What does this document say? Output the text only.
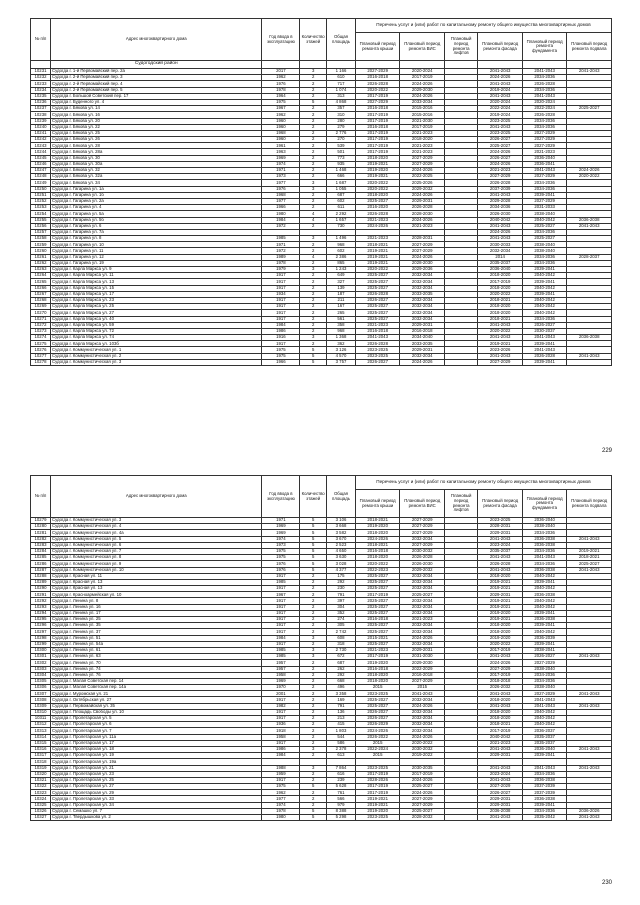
№ п/п	Адрес многоквартирного дома	Год ввода в эксплуатацию	Количество этажей	Общая площадь	Перечень услуг и (или) работ по капитальному ремонту общего имущества многоквартирных домов					
					Плановый период ремонта крыши	Плановый период ремонта ВИС	Плановый период ремонта лифтов	Плановый период ремонта фасада	Плановый период ремонта фундамента	Плановый период ремонта подвала
	Судогодский район									
10231	Судогда г. 1-й Первомайский пер. 2а	2017	3	1 166	2027-2029	2020-2024		2041-2043	2041-2043	2041-2043
10232	Судогда г. 2-й Первомайский пер. 3	1962	2	610	2016-2018	2017-2019		2024-2026	2034-2036	
10233	Судогда г. 2-й Первомайский пер. 4	1976	2	717	2026-2028	2024-2026		2041-2043	2026-2028	
10234	Судогда г. 2-й Первомайский пер. 5	1978	2	1 074	2020-2022	2029-2030		2019-2024	2034-2036	
10235	Судогда г. Большой Советский пер. 17	1964	2	313	2017-2019	2024-2026		2041-2043	2041-2043	
10236	Судогда г. Буденного ул. 4	1975	5	4 868	2027-2029	2033-2034		2020-2024	2020-2024	
10237	Судогда г. Бякова ул. 14	1967	2	357	2016-2018	2015-2016		2022-2024	2022-2024	2025-2027
10238	Судогда г. Бякова ул. 16	1962	2	310	2017-2019	2015-2016		2019-2024	2026-2028	
10239	Судогда г. Бякова ул. 20	1960	2	280	2017-2019	2021-2030		2023-2025	2034-2036	
10240	Судогда г. Бякова ул. 22	1960	2	279	2016-2018	2017-2019		2041-2043	2034-2036	
10241	Судогда г. Бякова ул. 25	1968	2	2 776	2017-2019	2021-2023		2023-2025	2027-2029	
10242	Судогда г. Бякова ул. 26	1960	2	270	2017-2019	2018-2020		2026-2027	2027-2029	
10243	Судогда г. Бякова ул. 28	1961	2	539	2017-2019	2021-2023		2025-2027	2027-2029	
10244	Судогда г. Бякова ул. 28а	1963	2	501	2017-2019	2021-2023		2024-2026	2021-2023	
10245	Судогда г. Бякова ул. 30	1969	2	773	2018-2020	2027-2029		2026-2027	2036-2040	
10246	Судогда г. Бякова ул. 30а	1974	2	935	2019-2021	2027-2029		2024-2026	2036-2041	
10247	Судогда г. Бякова ул. 32	1971	2	1 468	2019-2020	2024-2026		2021-2023	2041-2043	2024-2026
10248	Судогда г. Бякова ул. 32а	1973	2	666	2019-2021	2022-2025		2027-2029	2027-2029	2020-2022
10249	Судогда г. Бякова ул. 34	1977	3	1 687	2020-2022	2025-2026		2026-2028	2034-2036	
10250	Судогда г. Гагарина ул. 1а	1976	3	1 055	2020-2022	2029-2032		2037-2039	2034-2036	
10251	Судогда г. Гагарина ул. 1б	1968	2	687	2018-2020	2024-2026		2041-2043	2039-2041	
10252	Судогда г. Гагарина ул. 2а	1977	2	602	2025-2027	2029-2031		2029-2028	2027-2029	
10253	Судогда г. Гагарина ул. 4	1966	2	611	2016-2020	2026-2028		2034-2036	2031-2033	
10254	Судогда г. Гагарина ул. 5а	1980	4	2 292	2026-2028	2028-2030		2026-2030	2038-2040	
10255	Судогда г. Гагарина ул. 5б	1984	4	1 657	2021-2023	2024-2026		2040-2042	2040-2042	2036-2038
10256	Судогда г. Гагарина ул. 6	1972	2	730	2024-2026	2021-2023		2041-2043	2025-2027	2041-2043
10257	Судогда г. Гагарина ул. 7а							2024-2026	2034-2036	
10258	Судогда г. Гагарина ул. 8	1985	3	1 496	2021-2023	2028-2031		2041-2043	2025-2027	
10259	Судогда г. Гагарина ул. 10	1971	2	968	2018-2021	2027-2029		2030-2033	2038-2040	
10260	Судогда г. Гагарина ул. 11	1972	2	602	2019-2021	2027-2029		2032-2034	2038-2040	
10261	Судогда г. Гагарина ул. 12	1989	4	2 386	2019-2021	2024-2026		2014	2034-2036	2028-2037
10262	Судогда г. Гагарина ул. 19	1978	2	865	2019-2021	2028-2030		2035-2037	2034-2036	
10263	Судогда г. Карла Маркса ул. 9	1979	3	1 243	2020-2022	2029-2036		2036-2040	2039-2041	
10264	Судогда г. Карла Маркса ул. 11	1917	2	649	2025-2027	2032-2034		2018-2020	2040-2042	
10265	Судогда г. Карла Маркса ул. 13	1917	2	327	2025-2027	2032-2034		2017-2019	2039-2041	
10266	Судогда г. Карла Маркса ул. 15	1917	2	139	2025-2027	2032-2034		2018-2020	2040-2042	
10267	Судогда г. Карла Маркса ул. 17	1934	2	187	2026-2028	2033-2035		2020-2022	2039-2041	
10268	Судогда г. Карла Маркса ул. 23	1917	2	211	2026-2027	2032-2034		2018-2021	2040-2042	
10269	Судогда г. Карла Маркса ул. 25	1917	2	167	2025-2027	2032-2034		2018-2020	2040-2042	
10270	Судогда г. Карла Маркса ул. 27	1917	2	265	2025-2027	2032-2034		2018-2020	2040-2042	
10271	Судогда г. Карла Маркса ул. 40	1917	2	561	2025-2027	2032-2034		2018-2021	2034-2036	
10272	Судогда г. Карла Маркса ул. 59	1984	2	358	2021-2023	2029-2031		2041-2043	2026-2027	
10273	Судогда г. Карла Маркса ул. 72	1986	2	968	2016-2018	2016-2018		2020-2022	2030-2037	
10274	Судогда г. Карла Маркса ул. 74	1916	3	1 368	2041-2043	2034-2040		2041-2043	2041-2043	2036-2038
10275	Судогда г. Карла Маркса ул. 103б	1917	2	362	2026-2028	2033-2035		2019-2021	2039-2041	
10276	Судогда г. Коммунистическая ул. 1	1975	5	3 126	2023-2025	2029-2031		2023-2026	2041-2043	
10277	Судогда г. Коммунистическая ул. 2	1975	5	4 570	2023-2025	2032-2034		2041-2043	2026-2028	2041-2043
10278	Судогда г. Коммунистическая ул. 3	1966	5	3 757	2026-2027	2024-2026		2027-2029	2039-2041	
229
№ п/п	Адрес многоквартирного дома	Год ввода в эксплуатацию	Количество этажей	Общая площадь	Перечень услуг и (или) работ по капитальному ремонту общего имущества многоквартирных домов					
					Плановый период ремонта крыши	Плановый период ремонта ВИС	Плановый период ремонта лифтов	Плановый период ремонта фасада	Плановый период ремонта фундамента	Плановый период ремонта подвала
10279	Судогда г. Коммунистическая ул. 3	1971	5	3 106	2018-2021	2027-2029		2023-2025	2036-2040	
10280	Судогда г. Коммунистическая ул. 4	1969	5	3 668	2019-2020	2027-2029		2028-2031	2038-2040	
10281	Судогда г. Коммунистическая ул. 4а	1969	5	3 582	2018-2020	2027-2029		2029-2031	2034-2036	
10282	Судогда г. Коммунистическая ул. 5	1974	5	3 670	2024-2026	2032-2034		2041-2043	2036-2038	2041-2043
10283	Судогда г. Коммунистическая ул. 6	1973	5	2 523	2018-2021	2027-2029		2023-2024	2036-2038	
10284	Судогда г. Коммунистическая ул. 7	1975	5	4 650	2016-2018	2030-2032		2035-2037	2034-2036	2019-2021
10285	Судогда г. Коммунистическая ул. 8	1975	5	3 630	2018-2020	2026-2028		2041-2043	2041-2043	2018-2021
10286	Судогда г. Коммунистическая ул. 9	1976	5	3 028	2020-2022	2026-2030		2026-2028	2034-2036	2025-2027
10287	Судогда г. Коммунистическая ул. 10	1976	5	4 377	2022-2023	2029-2032		2041-2043	2036-2038	2041-2043
10288	Судогда г. Красная ул. 11	1917	2	175	2025-2027	2032-2034		2018-2020	2040-2042	
10289	Судогда г. Красная ул. 13	1985	2	292	2025-2027	2032-2034		2019-2021	2039-2041	
10290	Судогда г. Красная ул. 13	1917	2	230	2025-2027	2032-2034		2019-2021	2040-2042	
10291	Судогда г. Красноармейская ул. 10	1967	2	791	2017-2019	2025-2027		2029-2031	2036-2038	
10292	Судогда г. Ленина ул. 8	1917	2	397	2025-2027	2032-2034		2019-2021	2040-2042	
10293	Судогда г. Ленина ул. 16	1917	2	304	2025-2027	2032-2034		2019-2021	2040-2042	
10294	Судогда г. Ленина ул. 17	1917	2	352	2025-2027	2032-2034		2019-2020	2039-2041	
10295	Судогда г. Ленина ул. 25	1917	2	274	2016-2018	2021-2023		2019-2021	2036-2038	
10296	Судогда г. Ленина ул. 35	1917	2	305	2025-2027	2032-2034		2018-2020	2039-2041	
10297	Судогда г. Ленина ул. 37	1917	2	2 742	2025-2027	2032-2034		2018-2020	2040-2042	
10298	Судогда г. Ленина ул. 51	1984	3	608	2015-2021	2024-2026		2019-2020	2036-2039	
10299	Судогда г. Ленина ул. 54а	1917	2	318	2025-2027	2032-2034		2020-2022	2039-2041	
10300	Судогда г. Ленина ул. 61	1985	3	2 730	2021-2023	2029-2031		2017-2019	2038-2041	
10301	Судогда г. Ленина ул. 63	1985	3	672	2017-2019	2031-2030		2041-2043	2026-2027	2041-2043
10302	Судогда г. Ленина ул. 70	1957	2	687	2019-2020	2029-2030		2024-2026	2027-2029	
10303	Судогда г. Ленина ул. 74	1957	2	262	2016-2018	2022-2029		2027-2029	2038-2040	
10304	Судогда г. Ленина ул. 76	1958	2	292	2018-2020	2016-2018		2017-2019	2034-2036	
10305	Судогда г. Малая Советская пер. 14	1969	2	668	2018-2020	2027-2029		2018-2018	2034-2036	
10306	Судогда г. Малая Советская пер. 14а	1970	2	496	2015	2015		2026-2032	2038-2040	
10307	Судогда г. Муромская ул. 21	2001	2	3 358	2023-2025	2041-2043		2041-2043	2027-2029	2041-2043
10308	Судогда г. Октябрьская ул. 27	1917	2	169	2025-2027	2032-2034		2018-2020	2041-2043	
10309	Судогда г. Первомайская ул. 35	1982	2	791	2025-2027	2024-2026		2041-2043	2041-2043	2041-2043
10310	Судогда г. Площадь Свободы ул. 10	1917	2	136	2026-2027	2032-2034		2018-2020	2040-2042	
10311	Судогда г. Пролетарская ул. 5	1917	2	213	2026-2027	2032-2034		2018-2020	2040-2042	
10312	Судогда г. Пролетарская ул. 6	1936	2	415	2026-2029	2032-2034		2018-2021	2040-2042	
10313	Судогда г. Пролетарская ул. 7	1918	2	1 803	2024-2026	2032-2034		2017-2019	2036-2037	
10314	Судогда г. Пролетарская ул. 11а	1958	2	544	2026-2022	2024-2026		2040-2042	2035-2037	
10315	Судогда г. Пролетарская ул. 17	1917	2	586	2015	2020-2022		2021-2023	2035-2037	
10316	Судогда г. Пролетарская ул. 18	1986	3	2 378	2022-2024	2030-2032		2041-2043	2036-2040	2041-2043
10317	Судогда г. Пролетарская ул. 19	1984	2	613	2015	2019-2022		2029-2031	2039-2041	
10318	Судогда г. Пролетарская ул. 19а									
10319	Судогда г. Пролетарская ул. 21	1988	3	7 864	2023-2025	2030-2035		2041-2043	2041-2043	2041-2043
10320	Судогда г. Пролетарская ул. 23	1959	2	616	2017-2019	2017-2019		2023-2024	2034-2036	
10321	Судогда г. Пролетарская ул. 25	1917	2	239	2028-2026	2024-2026		2041-2043	2036-2038	
10322	Судогда г. Пролетарская ул. 27	1975	5	5 628	2017-2019	2025-2027		2027-2029	2037-2039	
10323	Судогда г. Пролетарская ул. 29	1962	2	761	2017-2019	2024-2026		2026-2027	2037-2039	
10324	Судогда г. Пролетарская ул. 33	1977	2	566	2019-2021	2027-2029		2029-2031	2036-2038	
10325	Судогда г. Пролетарская ул. 34	1974	2	979	2019-2021	2027-2029		2029-2031	2039-2041	
10326	Судогда г. Семашко ул. 7	1978	5	8 388	2019-2020	2025-2027		2036-2038	2034-2036	2036-2026
10327	Судогда г. Твердышкова ул. 2	1980	5	5 298	2023-2025	2028-2032		2041-2043	2035-2042	2041-2043
230
